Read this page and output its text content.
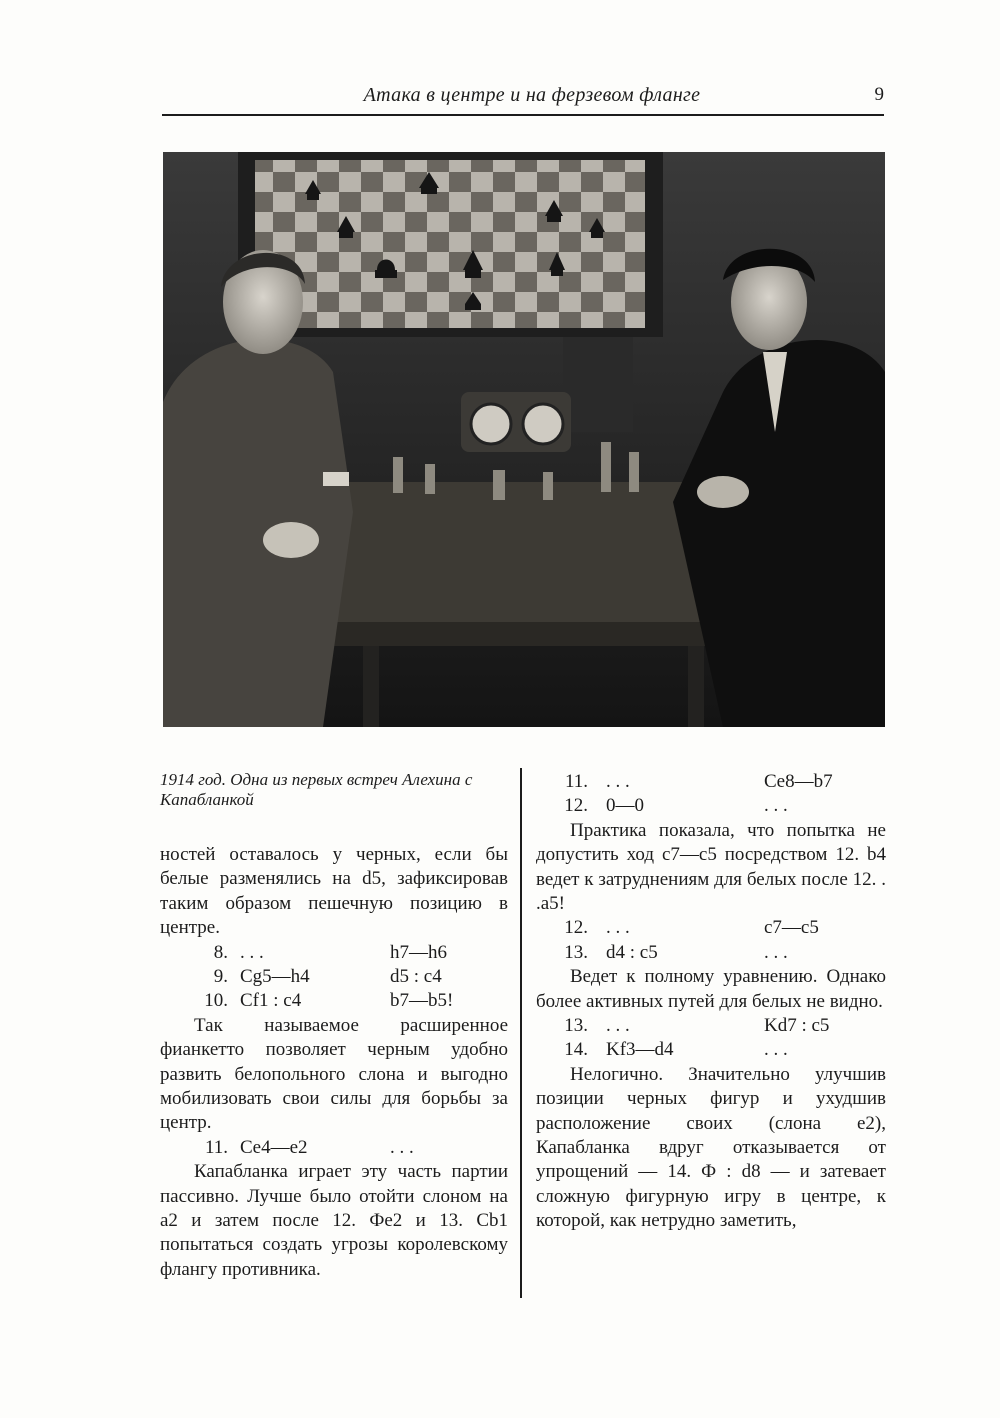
Атака в центре и на ферзевом фланге	9
1914 год. Одна из первых встреч Алехина с Капабланкой

ностей оставалось у черных, если бы белые разменялись на d5, зафиксировав таким образом пешечную позицию в центре.

8. . . .	h7—h6
9. Cg5—h4	d5 : c4
10. Cf1 : c4	b7—b5!

Так называемое расширенное фианкетто позволяет черным удобно развить белопольного слона и выгодно мобилизовать свои силы для борьбы за центр.

11. Ce4—e2	. . .

Капабланка играет эту часть партии пассивно. Лучше было отойти слоном на a2 и затем после 12. Фe2 и 13. Cb1 попытаться создать угрозы королевскому флангу противника.

11. . . .	Ce8—b7
12. 0—0	. . .

Практика показала, что попытка не допустить ход c7—c5 посредством 12. b4 ведет к затруднениям для белых после 12. . .a5!

12. . . .	c7—c5
13. d4 : c5	. . .

Ведет к полному уравнению. Однако более активных путей для белых не видно.

13. . . .	Kd7 : c5
14. Kf3—d4	. . .

Нелогично. Значительно улучшив позиции черных фигур и ухудшив расположение своих (слона e2), Капабланка вдруг отказывается от упрощений — 14. Ф : d8 — и затевает сложную фигурную игру в центре, к которой, как нетрудно заметить,
